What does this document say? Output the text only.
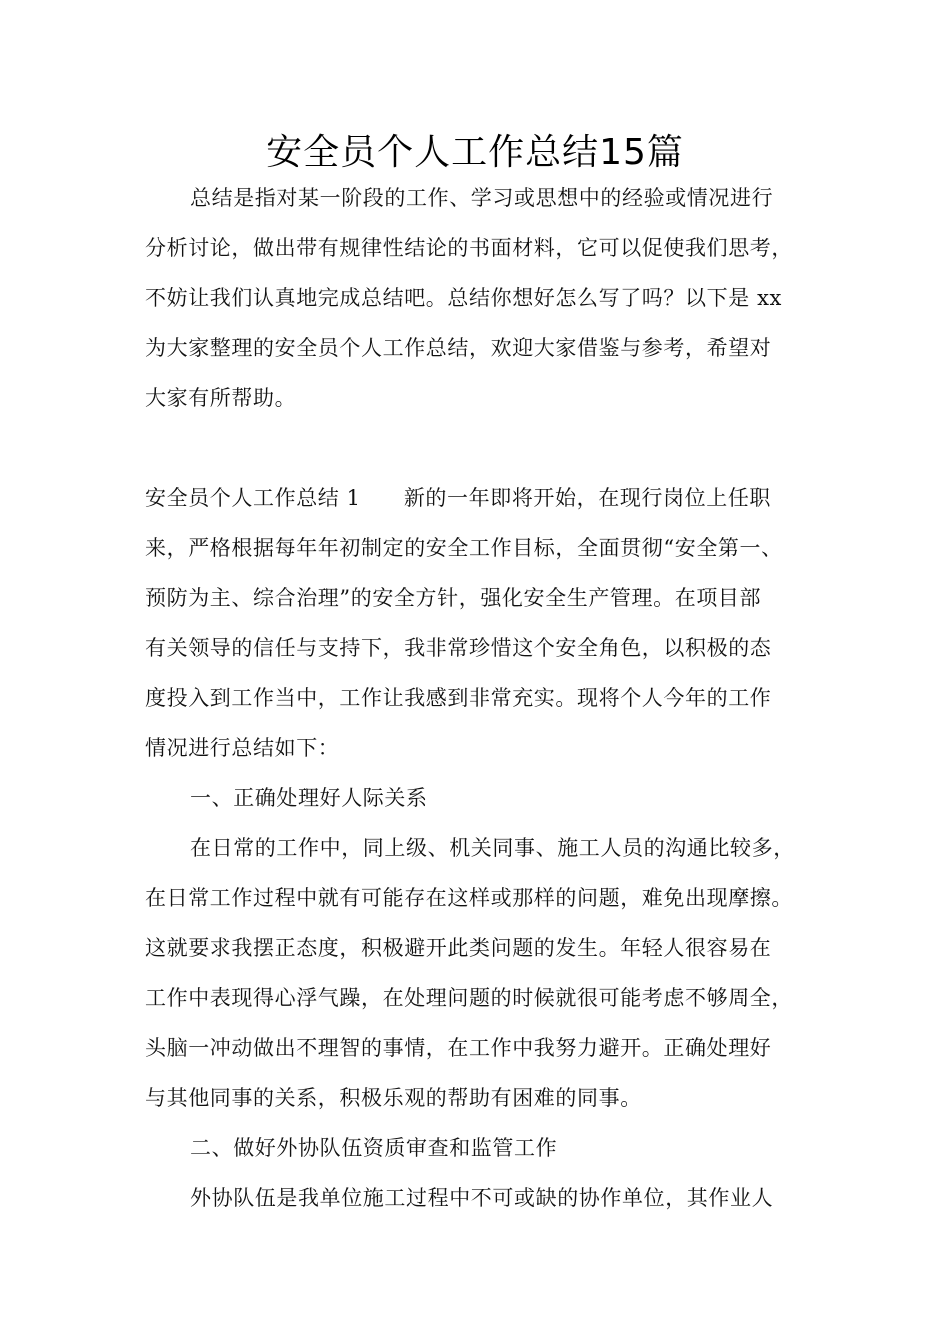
安全员个人工作总结15篇
总结是指对某一阶段的工作、学习或思想中的经验或情况进行
分析讨论，做出带有规律性结论的书面材料，它可以促使我们思考，
不妨让我们认真地完成总结吧。总结你想好怎么写了吗？以下是 xx
为大家整理的安全员个人工作总结，欢迎大家借鉴与参考，希望对
大家有所帮助。
安全员个人工作总结 1　　新的一年即将开始，在现行岗位上任职
来，严格根据每年年初制定的安全工作目标，全面贯彻“安全第一、
预防为主、综合治理”的安全方针，强化安全生产管理。在项目部
有关领导的信任与支持下，我非常珍惜这个安全角色，以积极的态
度投入到工作当中，工作让我感到非常充实。现将个人今年的工作
情况进行总结如下：
一、正确处理好人际关系
在日常的工作中，同上级、机关同事、施工人员的沟通比较多，
在日常工作过程中就有可能存在这样或那样的问题，难免出现摩擦。
这就要求我摆正态度，积极避开此类问题的发生。年轻人很容易在
工作中表现得心浮气躁，在处理问题的时候就很可能考虑不够周全，
头脑一冲动做出不理智的事情，在工作中我努力避开。正确处理好
与其他同事的关系，积极乐观的帮助有困难的同事。
二、做好外协队伍资质审查和监管工作
外协队伍是我单位施工过程中不可或缺的协作单位，其作业人
